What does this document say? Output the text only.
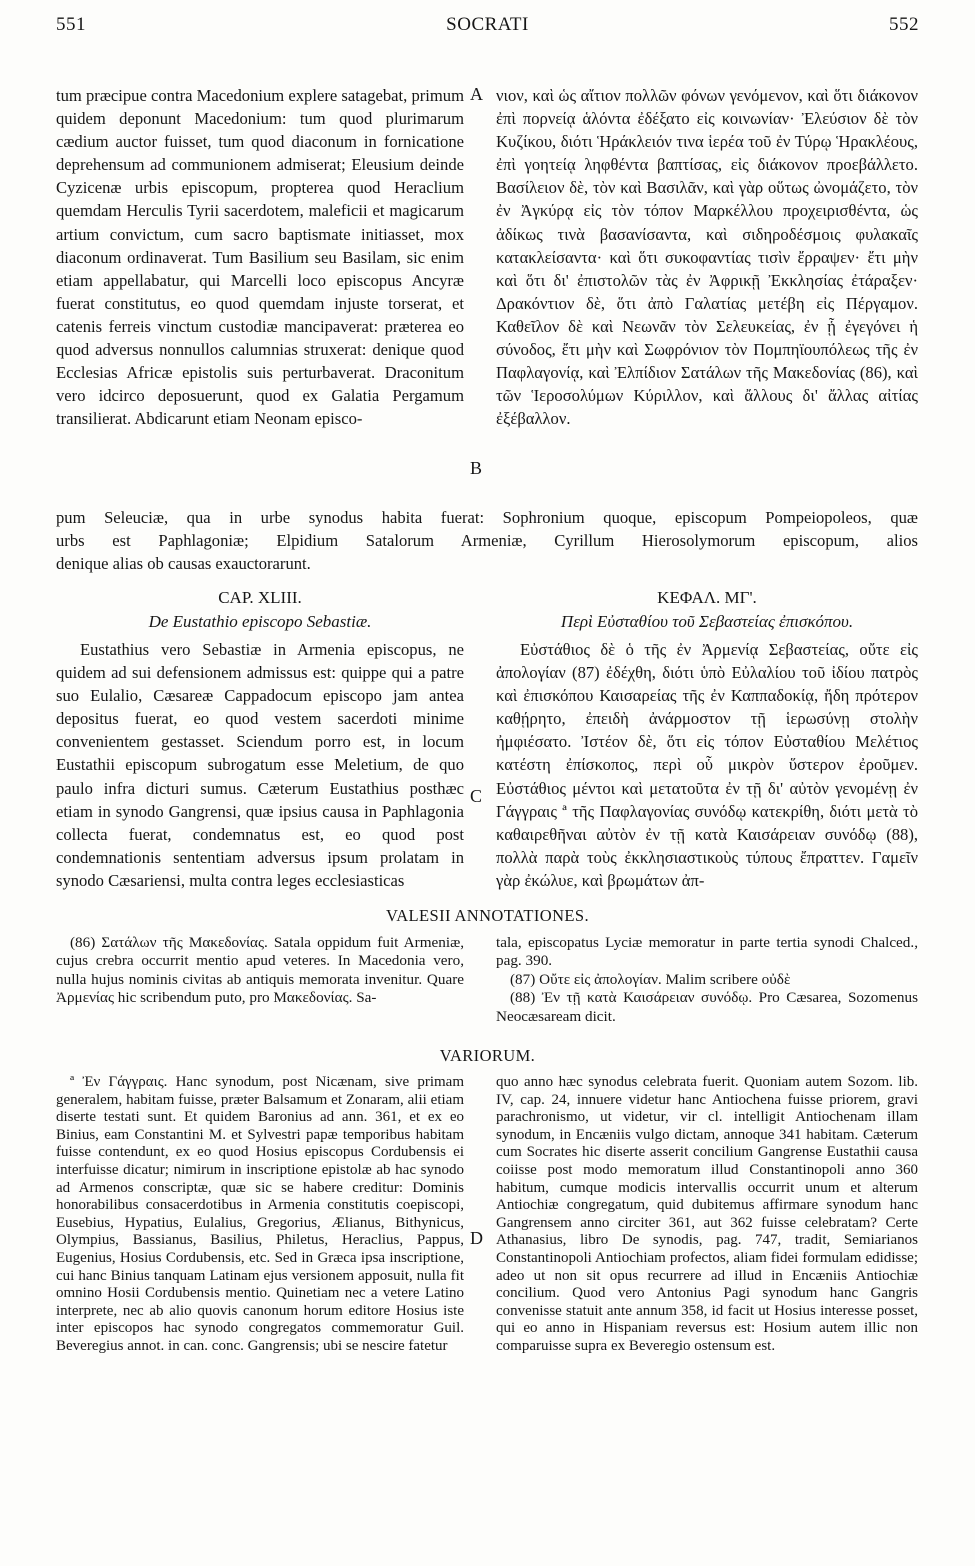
551	SOCRATI	552

tum præcipue contra Macedonium explere satagebat, primum quidem deponunt Macedonium: tum quod plurimarum cædium auctor fuisset, tum quod diaconum in fornicatione deprehensum ad communionem admiserat; Eleusium deinde Cyzicenæ urbis episcopum, propterea quod Heraclium quemdam Herculis Tyrii sacerdotem, maleficii et magicarum artium convictum, cum sacro baptismate initiasset, mox diaconum ordinaverat. Tum Basilium seu Basilam, sic enim etiam appellabatur, qui Marcelli loco episcopus Ancyræ fuerat constitutus, eo quod quemdam injuste torserat, et catenis ferreis vinctum custodiæ mancipaverat: præterea eo quod adversus nonnullos calumnias struxerat: denique quod Ecclesias Africæ epistolis suis perturbaverat. Draconitum vero idcirco deposuerunt, quod ex Galatia Pergamum transilierat. Abdicarunt etiam Neonam episco-

A νιον, καὶ ὡς αἴτιον πολλῶν φόνων γενόμενον, καὶ ὅτι διάκονον ἐπὶ πορνείᾳ ἁλόντα ἐδέξατο εἰς κοινωνίαν· Ἐλεύσιον δὲ τὸν Κυζίκου, διότι Ἡράκλειόν τινα ἱερέα τοῦ ἐν Τύρῳ Ἡρακλέους, ἐπὶ γοητείᾳ ληφθέντα βαπτίσας, εἰς διάκονον προεβάλλετο. Βασίλειον δὲ, τὸν καὶ Βασιλᾶν, καὶ γὰρ οὕτως ὠνομάζετο, τὸν ἐν Ἀγκύρᾳ εἰς τὸν τόπον Μαρκέλλου προχειρισθέντα, ὡς ἀδίκως τινὰ βασανίσαντα, καὶ σιδηροδέσμοις φυλακαῖς κατακλείσαντα· καὶ ὅτι συκοφαντίας τισὶν ἔρραψεν· ἔτι μὴν καὶ ὅτι δι' ἐπιστολῶν τὰς ἐν Ἀφρικῇ Ἐκκλησίας ἐτάραξεν· Δρακόντιον δὲ, ὅτι ἀπὸ Γαλατίας μετέβη εἰς Πέργαμον. Καθεῖλον δὲ καὶ Νεωνᾶν τὸν Σελευκείας, ἐν ᾗ ἐγεγόνει ἡ σύνοδος, ἔτι μὴν καὶ Σωφρόνιον τὸν Πομπηϊουπόλεως τῆς ἐν Παφλαγονίᾳ, καὶ Ἐλπίδιον Σατάλων τῆς Μακεδονίας (86), καὶ τῶν Ἱεροσολύμων Κύριλλον, καὶ ἄλλους δι' ἄλλας αἰτίας ἐξέβαλλον.

B
pum Seleuciæ, qua in urbe synodus habita fuerat: Sophronium quoque, episcopum Pompeiopoleos, quæ
urbs est Paphlagoniæ; Elpidium Satalorum Armeniæ, Cyrillum Hierosolymorum episcopum, alios
denique alias ob causas exauctorarunt.
CAP. XLIII.
De Eustathio episcopo Sebastiæ.
ΚΕΦΑΛ. ΜΓ'.
Περὶ Εὐσταθίου τοῦ Σεβαστείας ἐπισκόπου.

Eustathius vero Sebastiæ in Armenia episcopus, ne quidem ad sui defensionem admissus est: quippe qui a patre suo Eulalio, Cæsareæ Cappadocum episcopo jam antea depositus fuerat, eo quod vestem sacerdoti minime convenientem gestasset. Sciendum porro est, in locum Eustathii episcopum subrogatum esse Meletium, de quo paulo infra dicturi sumus. Cæterum Eustathius posthæc etiam in synodo Gangrensi, quæ ipsius causa in Paphlagonia collecta fuerat, condemnatus est, eo quod post condemnationis sententiam adversus ipsum prolatam in synodo Cæsariensi, multa contra leges ecclesiasticas

C

Εὐστάθιος δὲ ὁ τῆς ἐν Ἀρμενίᾳ Σεβαστείας, οὔτε εἰς ἀπολογίαν (87) ἐδέχθη, διότι ὑπὸ Εὐλαλίου τοῦ ἰδίου πατρὸς καὶ ἐπισκόπου Καισαρείας τῆς ἐν Καππαδοκίᾳ, ἤδη πρότερον καθῄρητο, ἐπειδὴ ἀνάρμοστον τῇ ἱερωσύνῃ στολὴν ἠμφιέσατο. Ἰστέον δὲ, ὅτι εἰς τόπον Εὐσταθίου Μελέτιος κατέστη ἐπίσκοπος, περὶ οὗ μικρὸν ὕστερον ἐροῦμεν. Εὐστάθιος μέντοι καὶ μετατοῦτα ἐν τῇ δι' αὐτὸν γενομένῃ ἐν Γάγγραις ª τῆς Παφλαγονίας συνόδῳ κατεκρίθη, διότι μετὰ τὸ καθαιρεθῆναι αὐτὸν ἐν τῇ κατὰ Καισάρειαν συνόδῳ (88), πολλὰ παρὰ τοὺς ἐκκλησιαστικοὺς τύπους ἔπραττεν. Γαμεῖν γὰρ ἐκώλυε, καὶ βρωμάτων ἀπ-

VALESII ANNOTATIONES.

(86) Σατάλων τῆς Μακεδονίας. Satala oppidum fuit Armeniæ, cujus crebra occurrit mentio apud veteres. In Macedonia vero, nulla hujus nominis civitas ab antiquis memorata invenitur. Quare Ἀρμενίας hic scribendum puto, pro Μακεδονίας. Sa-

tala, episcopatus Lyciæ memoratur in parte tertia synodi Chalced., pag. 390.

(87) Οὔτε εἰς ἀπολογίαν. Malim scribere οὐδὲ

(88) Ἐν τῇ κατὰ Καισάρειαν συνόδῳ. Pro Cæsarea, Sozomenus Neocæsaream dicit.

VARIORUM.

ª Ἐν Γάγγραις. Hanc synodum, post Nicænam, sive primam generalem, habitam fuisse, præter Balsamum et Zonaram, alii etiam diserte testati sunt. Et quidem Baronius ad ann. 361, et ex eo Binius, eam Constantini M. et Sylvestri papæ temporibus habitam fuisse contendunt, ex eo quod Hosius episcopus Cordubensis ei interfuisse dicatur; nimirum in inscriptione epistolæ ab hac synodo ad Armenos conscriptæ, quæ sic se habere creditur: Dominis honorabilibus consacerdotibus in Armenia constitutis coepiscopi, Eusebius, Hypatius, Eulalius, Gregorius, Ælianus, Bithynicus, Olympius, Bassianus, Basilius, Philetus, Heraclius, Pappus, Eugenius, Hosius Cordubensis, etc. Sed in Græca ipsa inscriptione, cui hanc Binius tanquam Latinam ejus versionem apposuit, nulla fit omnino Hosii Cordubensis mentio. Quinetiam nec a vetere Latino interprete, nec ab alio quovis canonum horum editore Hosius iste inter episcopos hac synodo congregatos commemoratur Guil. Beveregius annot. in can. conc. Gangrensis; ubi se nescire fatetur

D

quo anno hæc synodus celebrata fuerit. Quoniam autem Sozom. lib. IV, cap. 24, innuere videtur hanc Antiochena fuisse priorem, gravi parachronismo, ut videtur, vir cl. intelligit Antiochenam illam synodum, in Encæniis vulgo dictam, annoque 341 habitam. Cæterum cum Socrates hic diserte asserit concilium Gangrense Eustathii causa coiisse post modo memoratum illud Constantinopoli anno 360 habitum, cumque modicis intervallis occurrit unum et alterum Antiochiæ congregatum, quid dubitemus affirmare synodum hanc Gangrensem anno circiter 361, aut 362 fuisse celebratam? Certe Athanasius, libro De synodis, pag. 747, tradit, Semiarianos Constantinopoli Antiochiam profectos, aliam fidei formulam edidisse; adeo ut non sit opus recurrere ad illud in Encæniis Antiochiæ concilium. Quod vero Antonius Pagi synodum hanc Gangris convenisse statuit ante annum 358, id facit ut Hosius interesse posset, qui eo anno in Hispaniam reversus est: Hosium autem illic non comparuisse supra ex Beveregio ostensum est.
